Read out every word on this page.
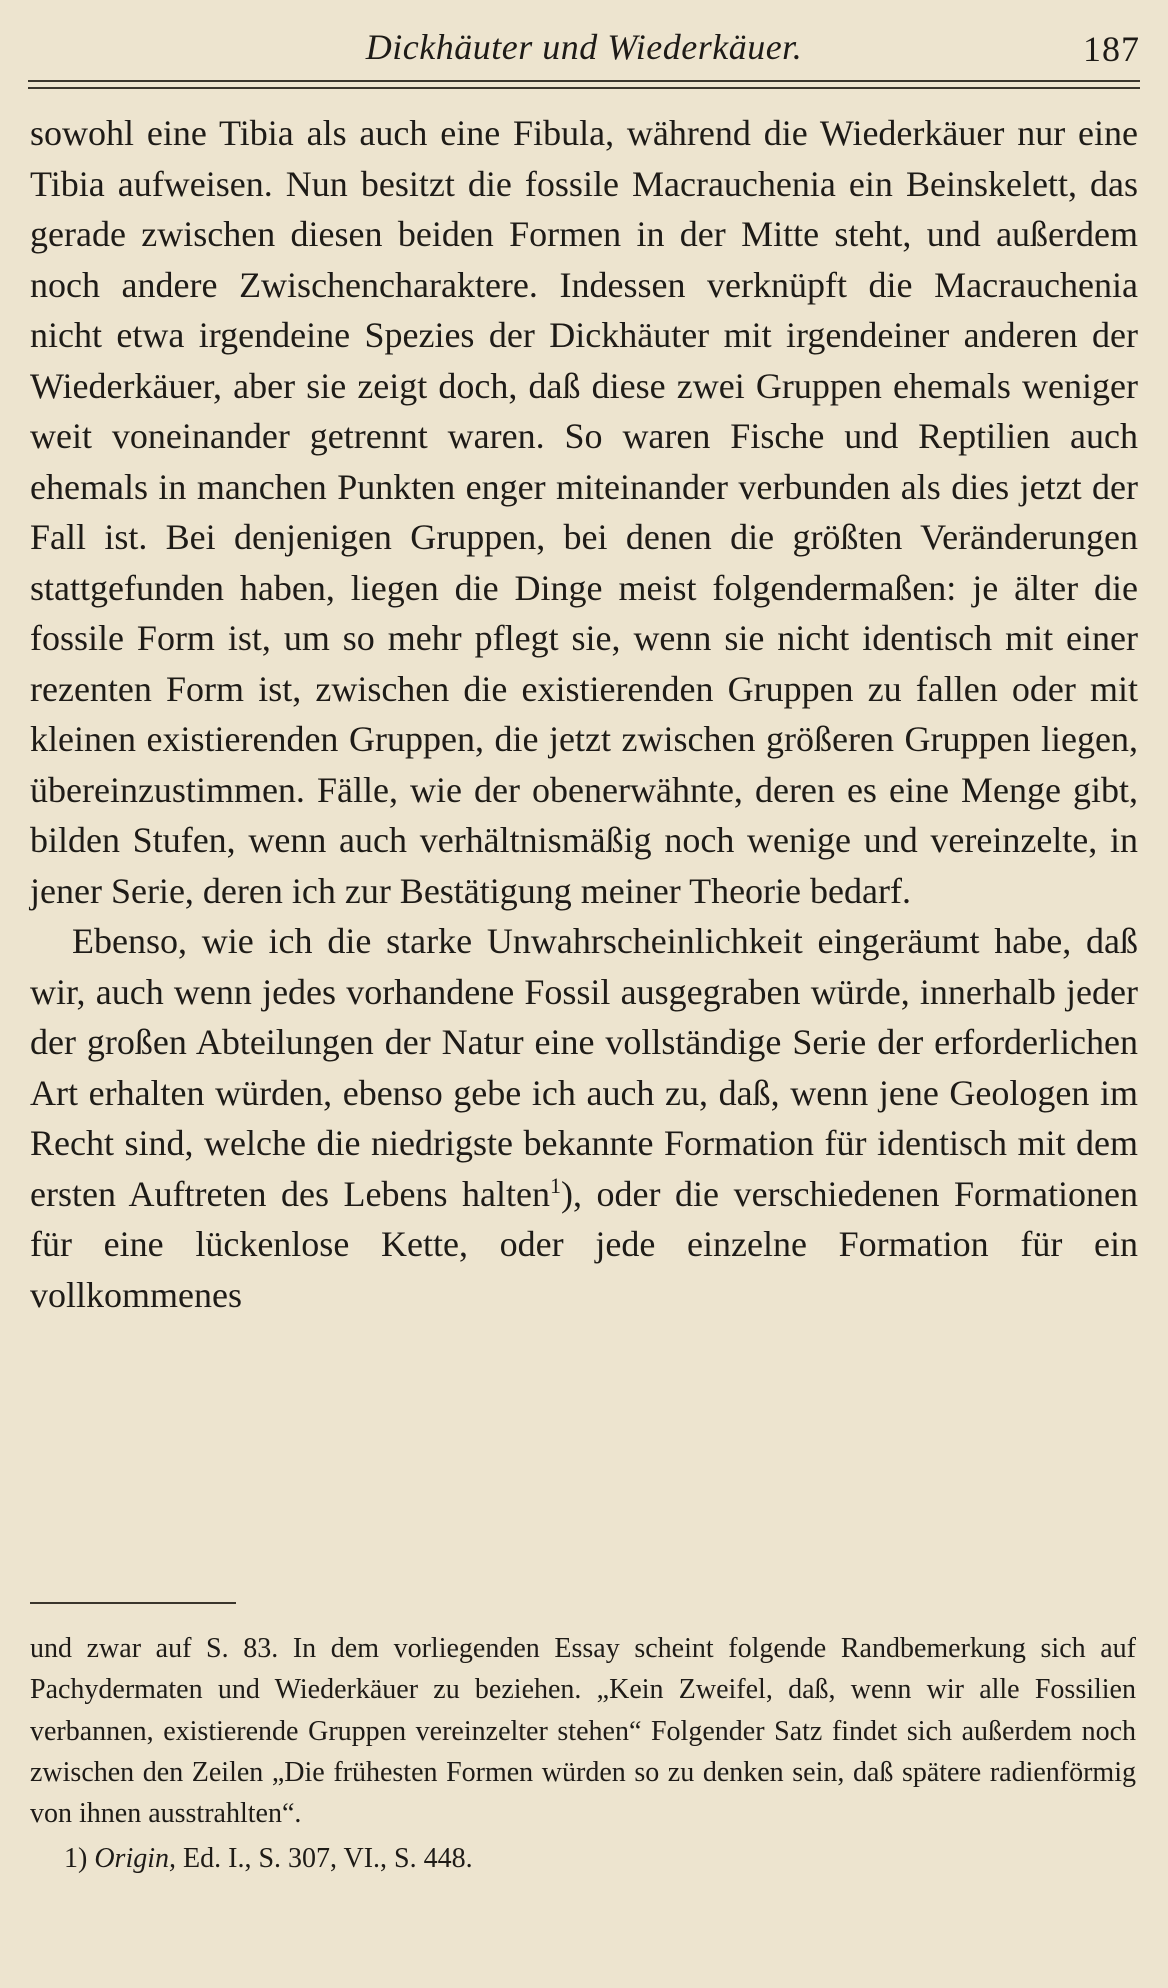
Dickhäuter und Wiederkäuer.	187

sowohl eine Tibia als auch eine Fibula, während die Wiederkäuer nur eine Tibia aufweisen. Nun besitzt die fossile Macrauchenia ein Beinskelett, das gerade zwischen diesen beiden Formen in der Mitte steht, und außerdem noch andere Zwischencharaktere. Indessen verknüpft die Macrauchenia nicht etwa irgendeine Spezies der Dickhäuter mit irgendeiner anderen der Wiederkäuer, aber sie zeigt doch, daß diese zwei Gruppen ehemals weniger weit voneinander getrennt waren. So waren Fische und Reptilien auch ehemals in manchen Punkten enger miteinander verbunden als dies jetzt der Fall ist. Bei denjenigen Gruppen, bei denen die größten Veränderungen stattgefunden haben, liegen die Dinge meist folgendermaßen: je älter die fossile Form ist, um so mehr pflegt sie, wenn sie nicht identisch mit einer rezenten Form ist, zwischen die existierenden Gruppen zu fallen oder mit kleinen existierenden Gruppen, die jetzt zwischen größeren Gruppen liegen, übereinzustimmen. Fälle, wie der obenerwähnte, deren es eine Menge gibt, bilden Stufen, wenn auch verhältnismäßig noch wenige und vereinzelte, in jener Serie, deren ich zur Bestätigung meiner Theorie bedarf.

Ebenso, wie ich die starke Unwahrscheinlichkeit eingeräumt habe, daß wir, auch wenn jedes vorhandene Fossil ausgegraben würde, innerhalb jeder der großen Abteilungen der Natur eine vollständige Serie der erforderlichen Art erhalten würden, ebenso gebe ich auch zu, daß, wenn jene Geologen im Recht sind, welche die niedrigste bekannte Formation für identisch mit dem ersten Auftreten des Lebens halten$^1$), oder die verschiedenen Formationen für eine lückenlose Kette, oder jede einzelne Formation für ein vollkommenes

und zwar auf S. 83. In dem vorliegenden Essay scheint folgende Randbemerkung sich auf Pachydermaten und Wiederkäuer zu beziehen. „Kein Zweifel, daß, wenn wir alle Fossilien verbannen, existierende Gruppen vereinzelter stehen“ Folgender Satz findet sich außerdem noch zwischen den Zeilen „Die frühesten Formen würden so zu denken sein, daß spätere radienförmig von ihnen ausstrahlten“.

1) Origin, Ed. I., S. 307, VI., S. 448.
